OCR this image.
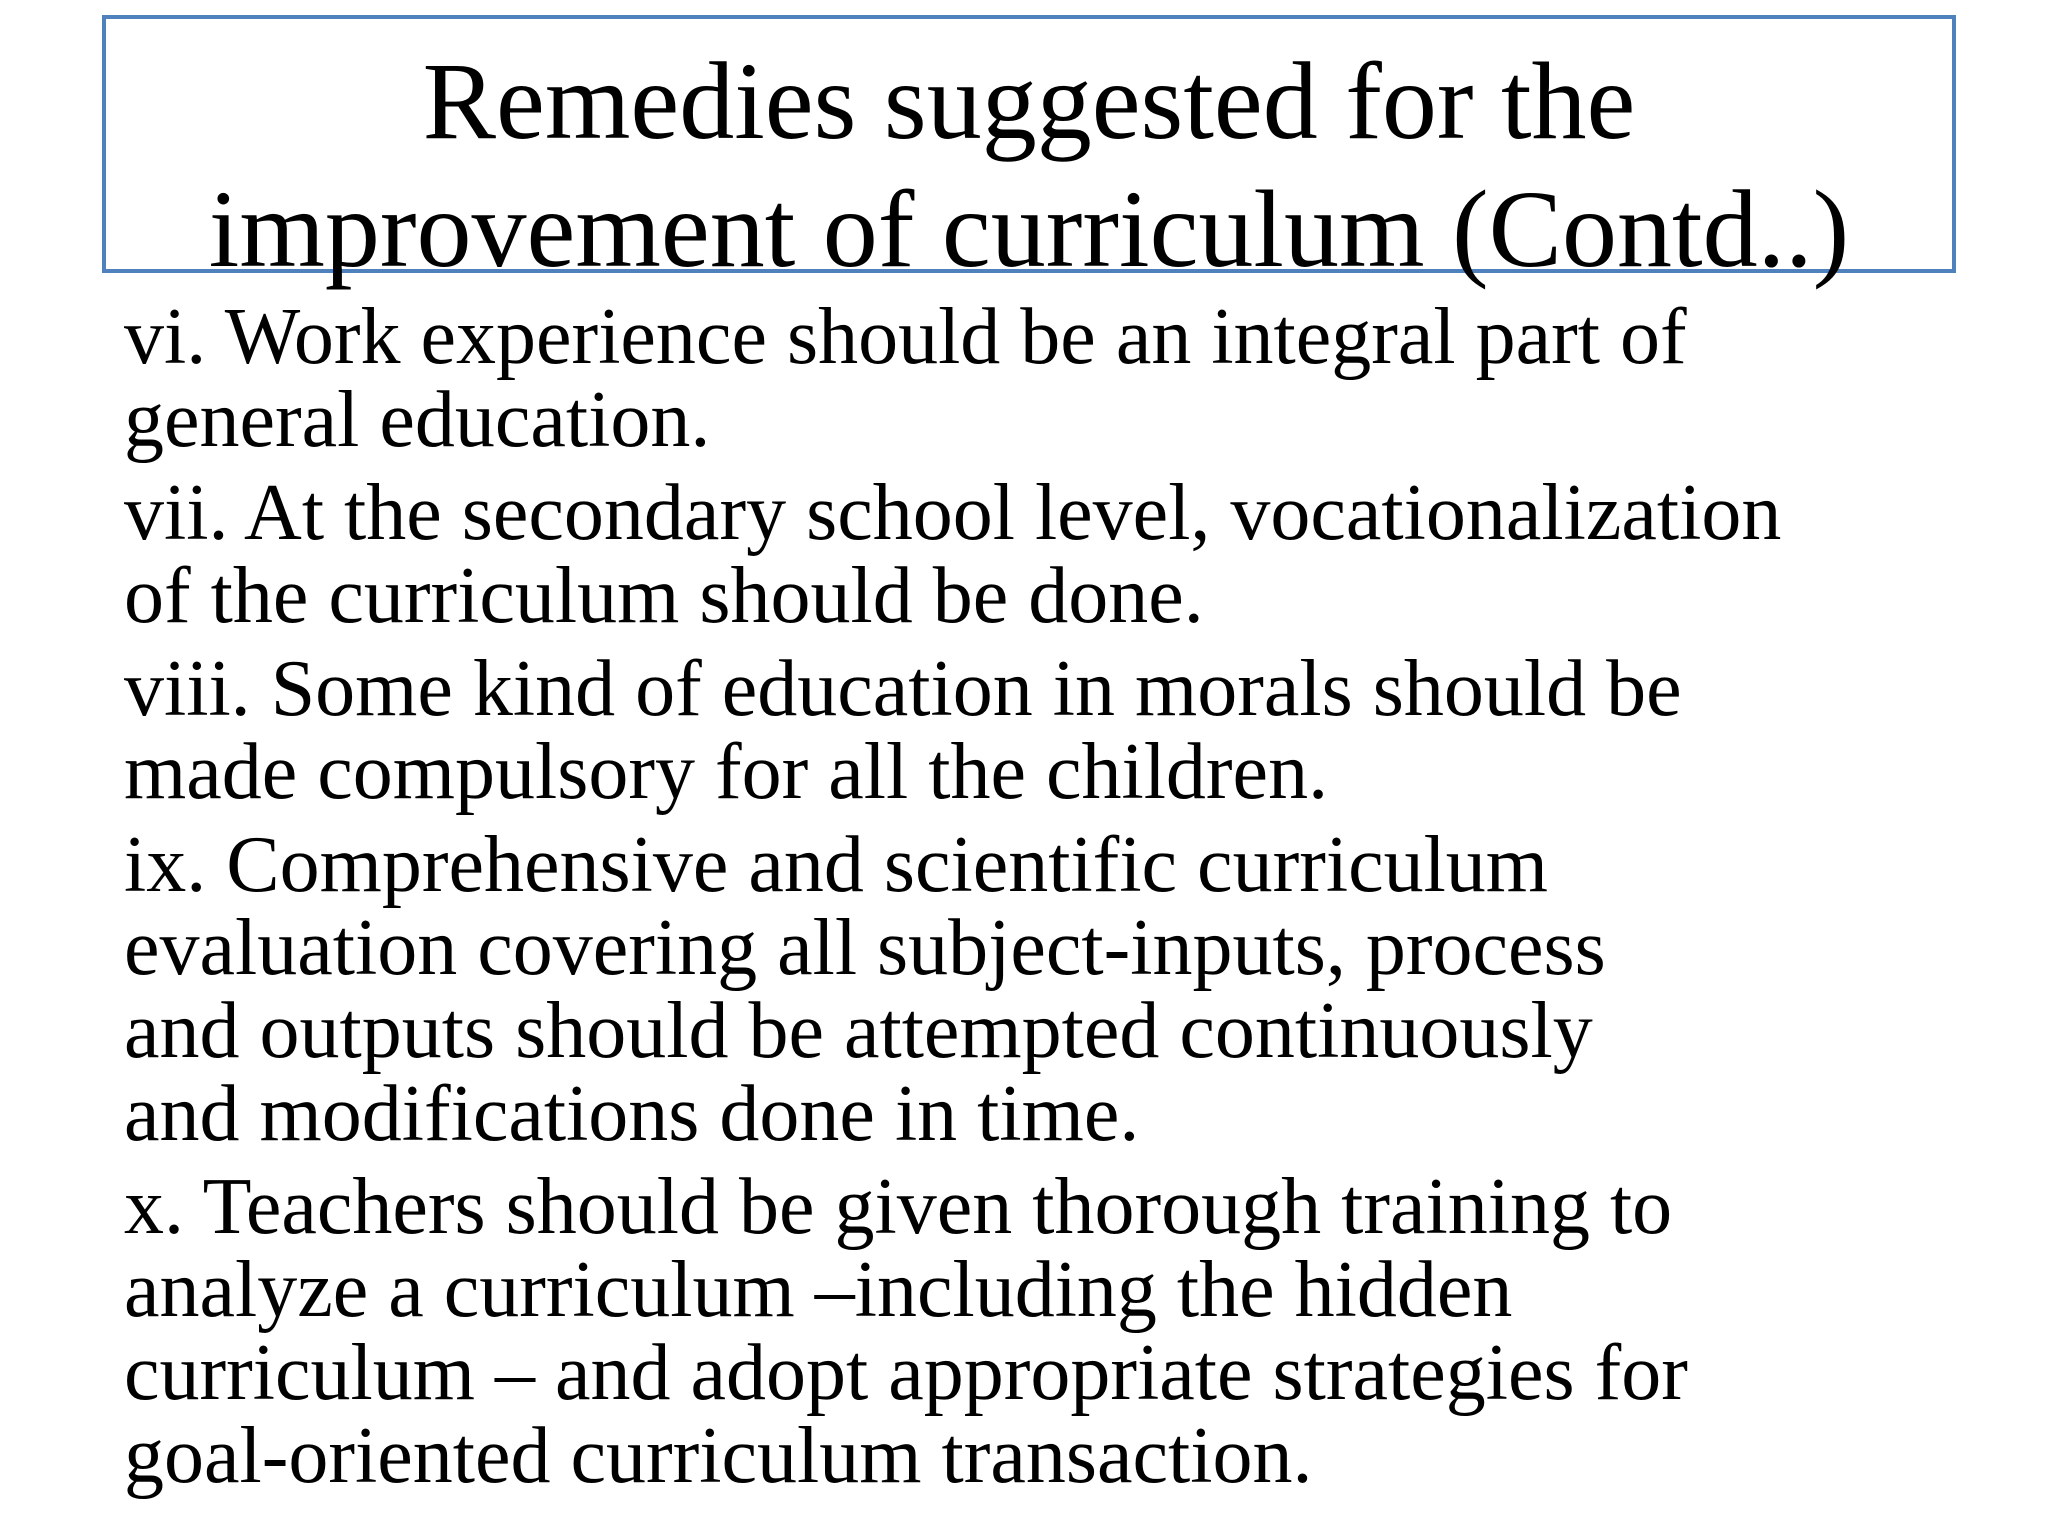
Remedies suggested for the
improvement of curriculum (Contd..)
vi. Work experience should be an integral part of
general education.
vii. At the secondary school level, vocationalization
of the curriculum should be done.
viii. Some kind of education in morals should be
made compulsory for all the children.
ix. Comprehensive and scientific curriculum
evaluation covering all subject-inputs, process
and outputs should be attempted continuously
and modifications done in time.
x. Teachers should be given thorough training to
analyze a curriculum –including the hidden
curriculum – and adopt appropriate strategies for
goal-oriented curriculum transaction.
